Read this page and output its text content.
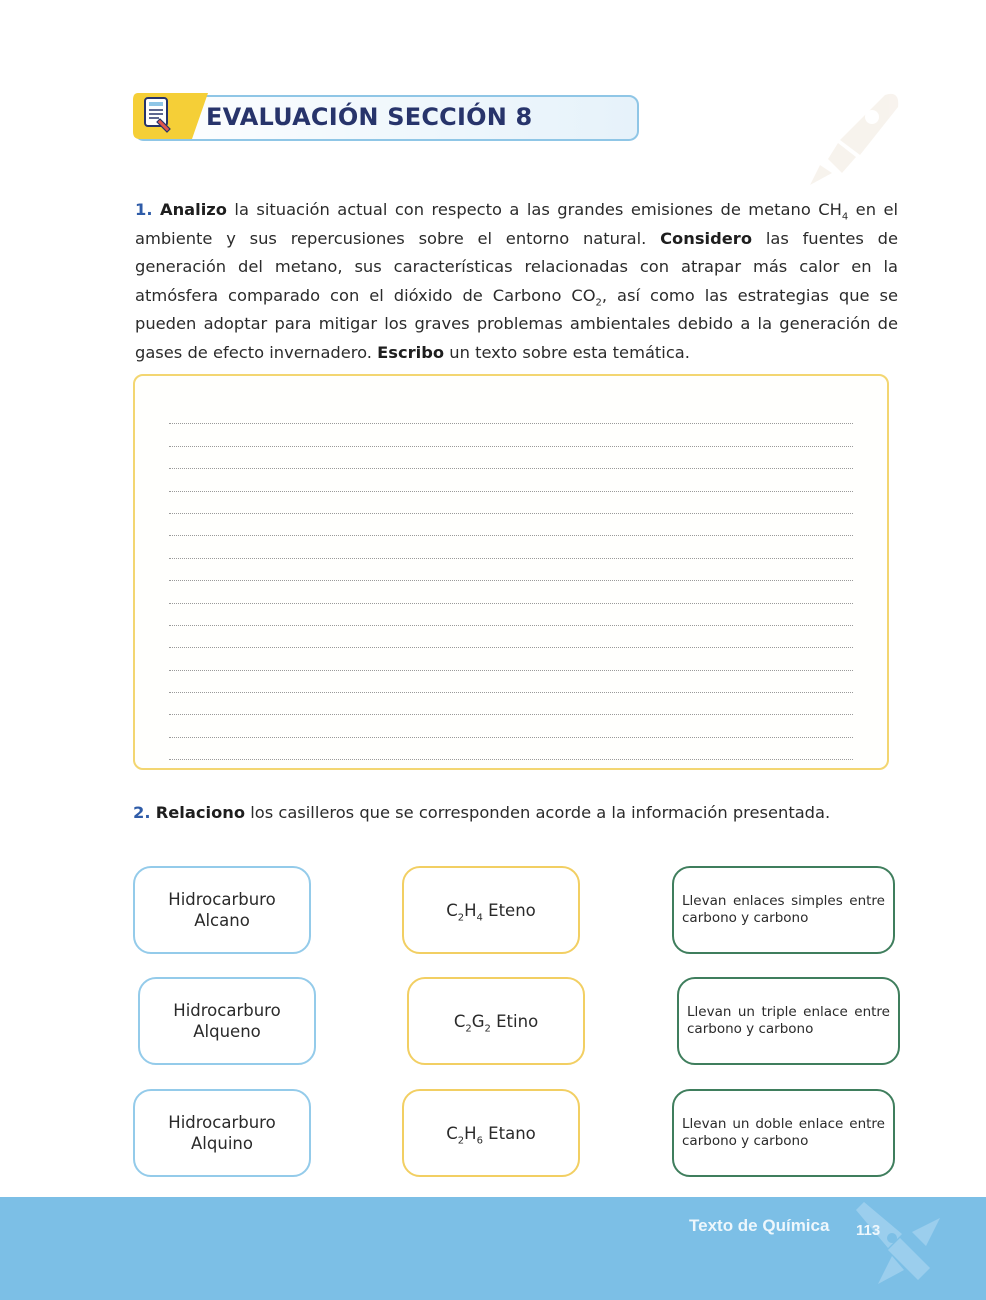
EVALUACIÓN SECCIÓN 8
1. Analizo la situación actual con respecto a las grandes emisiones de metano $CH_4$ en el ambiente y sus repercusiones sobre el entorno natural. Considero las fuentes de generación del metano, sus características relacionadas con atrapar más calor en la atmósfera comparado con el dióxido de Carbono $CO_2$, así como las estrategias que se pueden adoptar para mitigar los graves problemas ambientales debido a la generación de gases de efecto invernadero. Escribo un texto sobre esta temática.
2. Relaciono los casilleros que se corresponden acorde a la información presentada.
Hidrocarburo
Alcano
Hidrocarburo
Alqueno
Hidrocarburo
Alquino
$C_2H_4$ Eteno
$C_2G_2$ Etino
$C_2H_6$ Etano
Llevan enlaces simples entre carbono y carbono
Llevan un triple enlace entre carbono y carbono
Llevan un doble enlace entre carbono y carbono
Texto de Química 113
